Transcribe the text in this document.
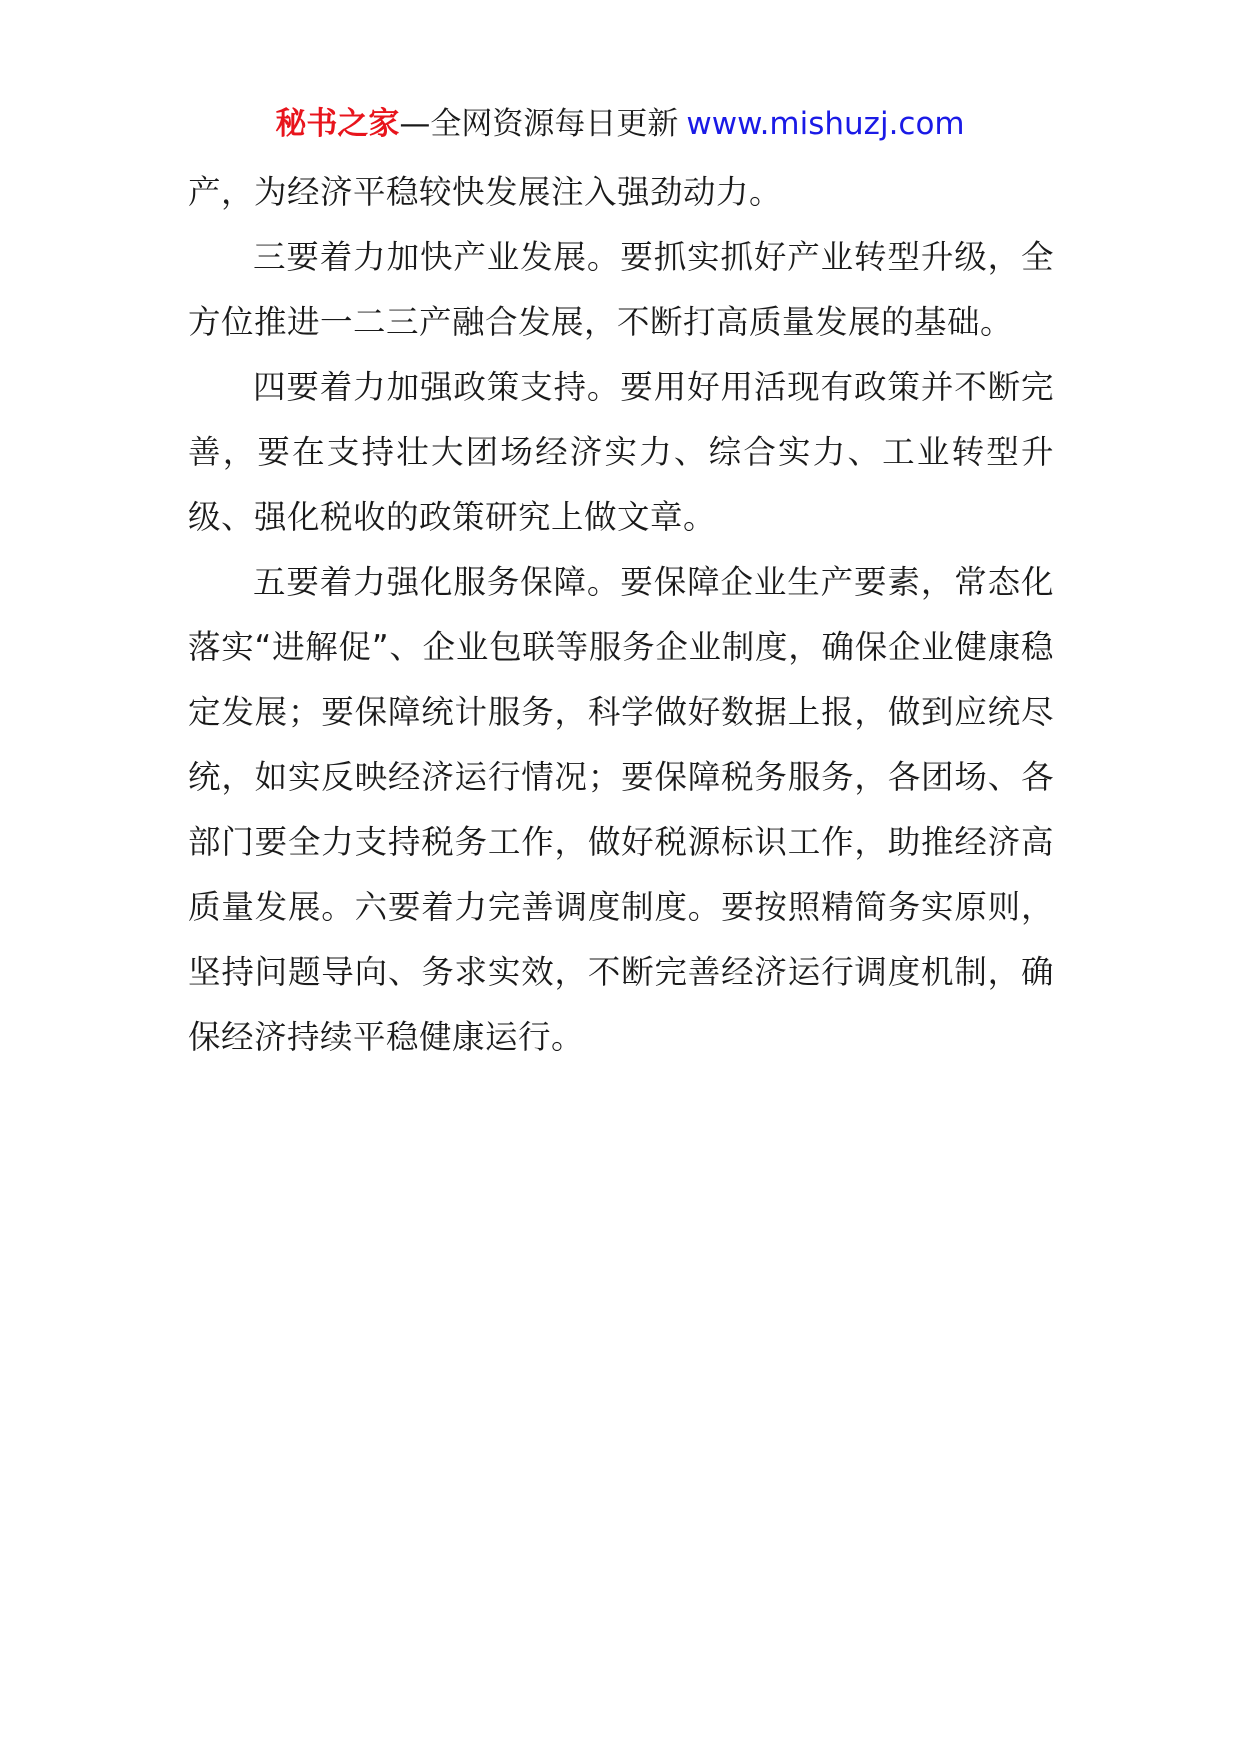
秘书之家—全网资源每日更新 www.mishuzj.com

产，为经济平稳较快发展注入强劲动力。

三要着力加快产业发展。要抓实抓好产业转型升级，全方位推进一二三产融合发展，不断打高质量发展的基础。

四要着力加强政策支持。要用好用活现有政策并不断完善，要在支持壮大团场经济实力、综合实力、工业转型升级、强化税收的政策研究上做文章。

五要着力强化服务保障。要保障企业生产要素，常态化落实“进解促”、企业包联等服务企业制度，确保企业健康稳定发展；要保障统计服务，科学做好数据上报，做到应统尽统，如实反映经济运行情况；要保障税务服务，各团场、各部门要全力支持税务工作，做好税源标识工作，助推经济高质量发展。六要着力完善调度制度。要按照精简务实原则，坚持问题导向、务求实效，不断完善经济运行调度机制，确保经济持续平稳健康运行。
